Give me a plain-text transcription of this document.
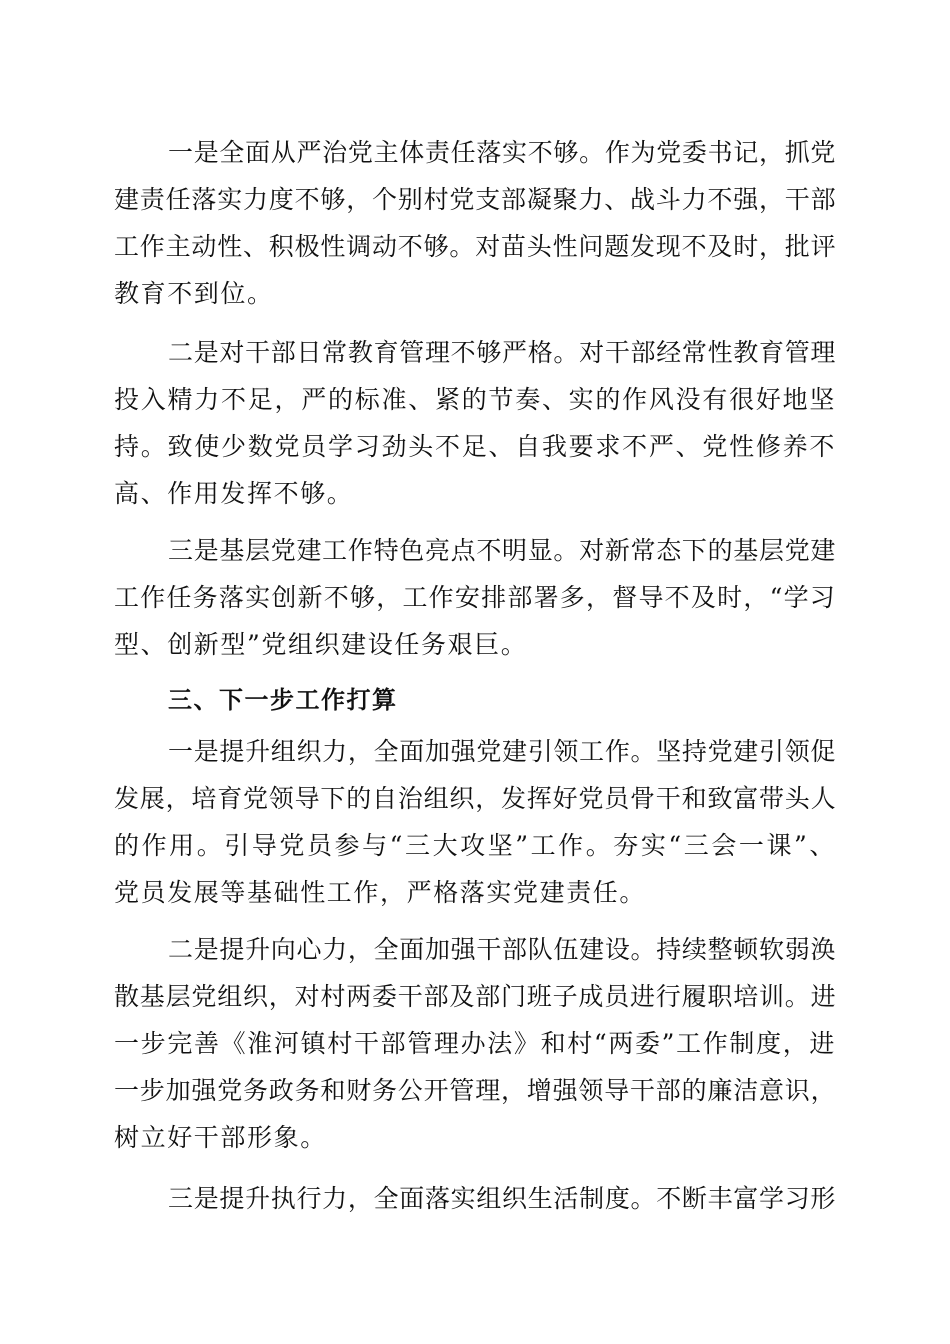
一是全面从严治党主体责任落实不够。作为党委书记，抓党
建责任落实力度不够，个别村党支部凝聚力、战斗力不强，干部
工作主动性、积极性调动不够。对苗头性问题发现不及时，批评
教育不到位。
二是对干部日常教育管理不够严格。对干部经常性教育管理
投入精力不足，严的标准、紧的节奏、实的作风没有很好地坚
持。致使少数党员学习劲头不足、自我要求不严、党性修养不
高、作用发挥不够。
三是基层党建工作特色亮点不明显。对新常态下的基层党建
工作任务落实创新不够，工作安排部署多，督导不及时，“学习
型、创新型”党组织建设任务艰巨。
三、下一步工作打算
一是提升组织力，全面加强党建引领工作。坚持党建引领促
发展，培育党领导下的自治组织，发挥好党员骨干和致富带头人
的作用。引导党员参与“三大攻坚”工作。夯实“三会一课”、
党员发展等基础性工作，严格落实党建责任。
二是提升向心力，全面加强干部队伍建设。持续整顿软弱涣
散基层党组织，对村两委干部及部门班子成员进行履职培训。进
一步完善《淮河镇村干部管理办法》和村“两委”工作制度，进
一步加强党务政务和财务公开管理，增强领导干部的廉洁意识，
树立好干部形象。
三是提升执行力，全面落实组织生活制度。不断丰富学习形
